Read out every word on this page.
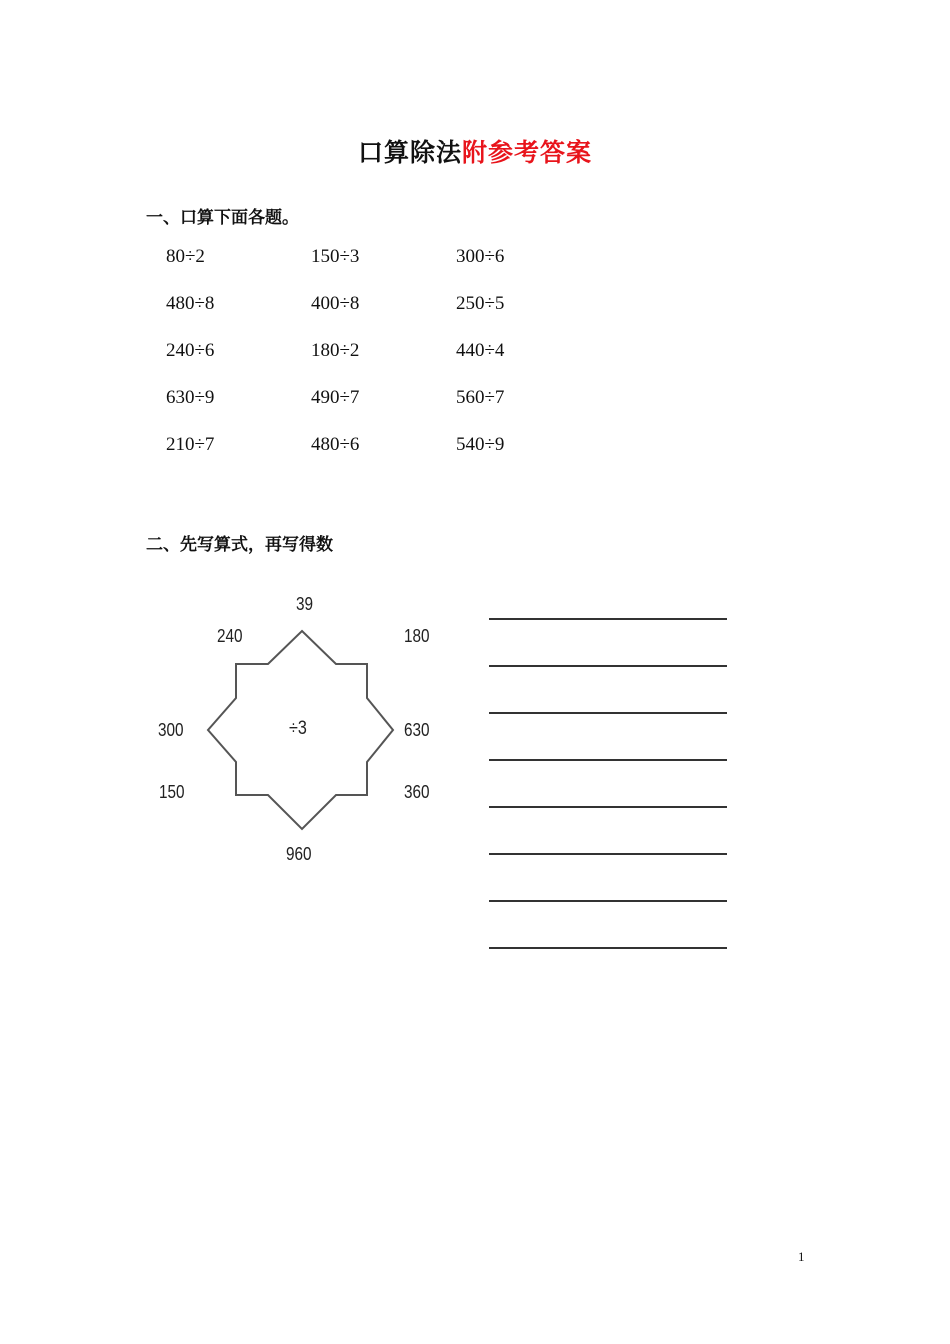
口算除法附参考答案
一、口算下面各题。
80÷2	150÷3	300÷6
480÷8	400÷8	250÷5
240÷6	180÷2	440÷4
630÷9	490÷7	560÷7
210÷7	480÷6	540÷9
二、先写算式，再写得数
39
240	180
300	÷3	630
150	360
960
1
